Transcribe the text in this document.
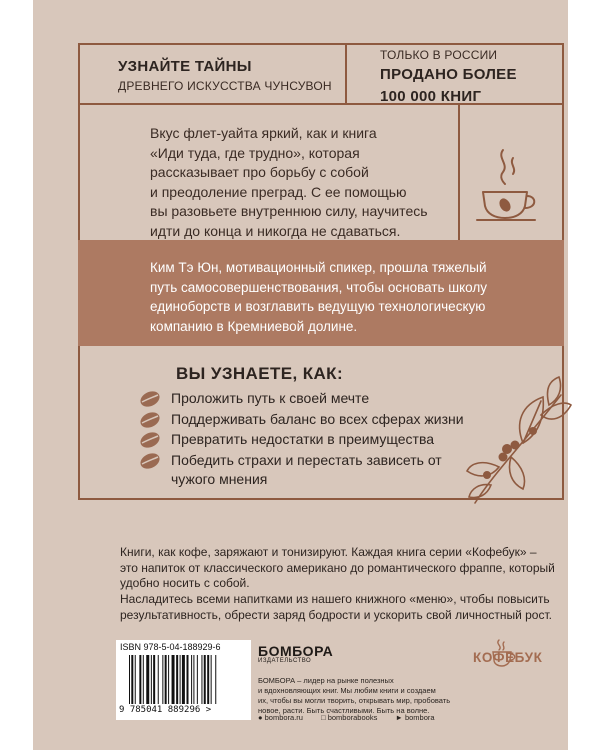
УЗНАЙТЕ ТАЙНЫ
ДРЕВНЕГО ИСКУССТВА ЧУНСУВОН
ТОЛЬКО В РОССИИ
ПРОДАНО БОЛЕЕ
100 000 КНИГ
Вкус флет-уайта яркий, как и книга
«Иди туда, где трудно», которая
рассказывает про борьбу с собой
и преодоление преград. С ее помощью
вы разовьете внутреннюю силу, научитесь
идти до конца и никогда не сдаваться.
Ким Тэ Юн, мотивационный спикер, прошла тяжелый
путь самосовершенствования, чтобы основать школу
единоборств и возглавить ведущую технологическую
компанию в Кремниевой долине.
ВЫ УЗНАЕТЕ, КАК:
Проложить путь к своей мечте
Поддерживать баланс во всех сферах жизни
Превратить недостатки в преимущества
Победить страхи и перестать зависеть от чужого мнения
Книги, как кофе, заряжают и тонизируют. Каждая книга серии «Кофебук» –
это напиток от классического американо до романтического фраппе, который
удобно носить с собой.
Насладитесь всеми напитками из нашего книжного «меню», чтобы повысить
результативность, обрести заряд бодрости и ускорить свой личностный рост.
ISBN 978-5-04-188929-6
9 785041 889296 >
БОМБОРА
ИЗДАТЕЛЬСТВО
БОМБОРА – лидер на рынке полезных
и вдохновляющих книг. Мы любим книги и создаем
их, чтобы вы могли творить, открывать мир, пробовать
новое, расти. Быть счастливыми. Быть на волне.
● bombora.ru □ bomborabooks ► bombora
КОФЕБУК
